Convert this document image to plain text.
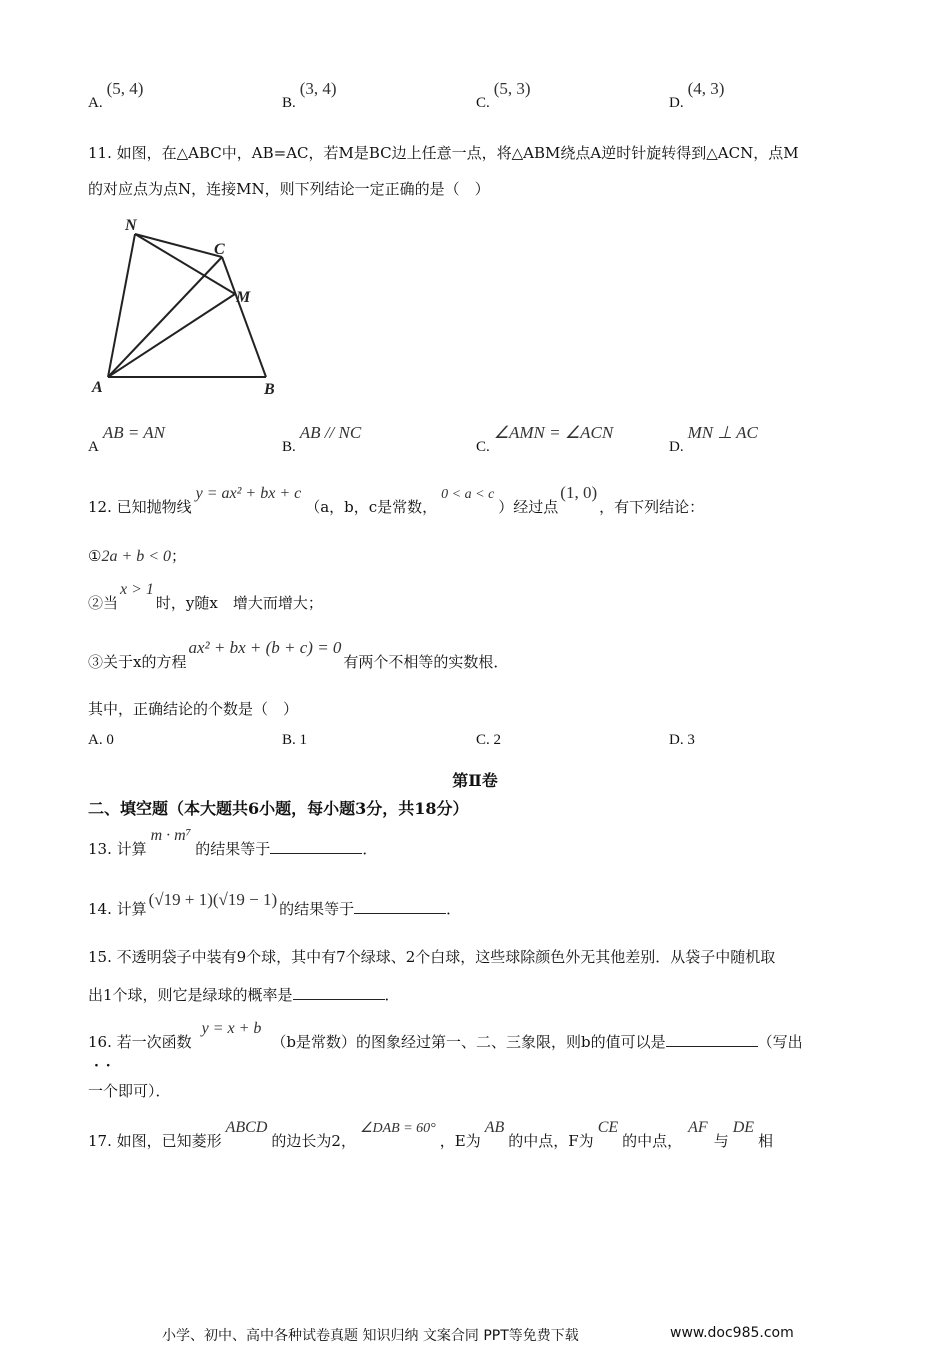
A.(5, 4)
B.(3, 4)
C.(5, 3)
D.(4, 3)
11. 如图，在△ABC中，AB=AC，若M是BC边上任意一点，将△ABM绕点A逆时针旋转得到△ACN，点M
的对应点为点N，连接MN，则下列结论一定正确的是（　）
N
C
M
A	B
AAB = AN
B.AB // NC
C.∠AMN = ∠ACN
D.MN ⊥ AC
12. 已知抛物线y = ax² + bx + c（a，b，c是常数，0 < a < c）经过点(1, 0)，有下列结论：
①2a + b < 0；
②当x > 1时，y随x　增大而增大；
③关于x的方程ax² + bx + (b + c) = 0有两个不相等的实数根．
其中，正确结论的个数是（　）
A. 0	B. 1	C. 2	D. 3
第Ⅱ卷
二、填空题（本大题共6小题，每小题3分，共18分）
13. 计算m · m⁷的结果等于	．
14. 计算 (√19 + 1)(√19 − 1) 的结果等于	．
15. 不透明袋子中装有9个球，其中有7个绿球、2个白球，这些球除颜色外无其他差别．从袋子中随机取
出1个球，则它是绿球的概率是	．
16. 若一次函数y = x + b（b是常数）的图象经过第一、二、三象限，则b的值可以是	（写出
· ·
一个即可）．
17. 如图，已知菱形ABCD的边长为2，∠DAB = 60°，E为AB的中点，F为CE的中点，AF与DE相
小学、初中、高中各种试卷真题 知识归纳 文案合同 PPT等免费下载	www.doc985.com
